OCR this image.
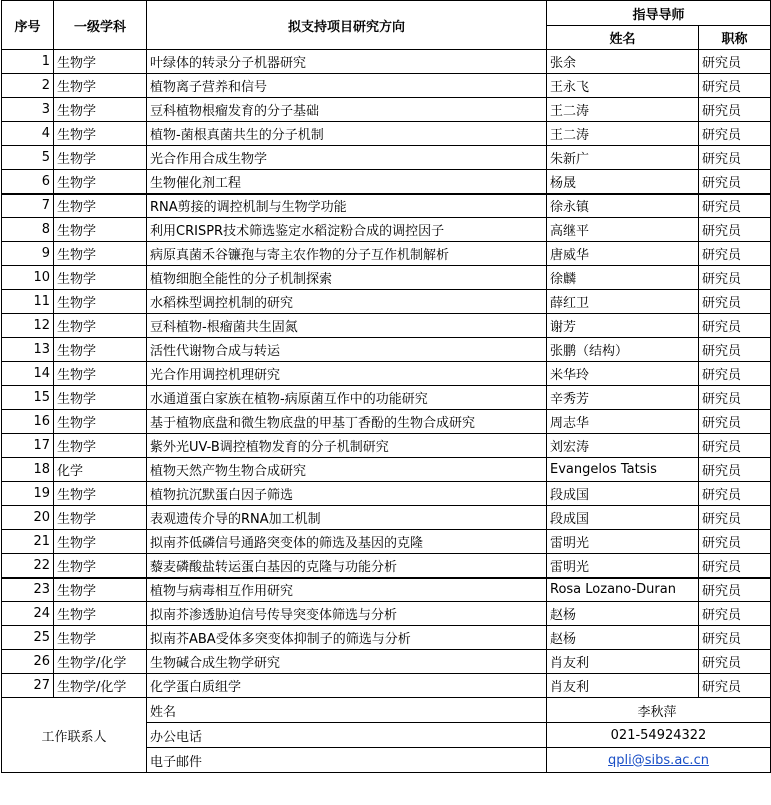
序号	一级学科	拟支持项目研究方向	指导导师	
			姓名	职称
1	生物学	叶绿体的转录分子机器研究	张余	研究员
2	生物学	植物离子营养和信号	王永飞	研究员
3	生物学	豆科植物根瘤发育的分子基础	王二涛	研究员
4	生物学	植物-菌根真菌共生的分子机制	王二涛	研究员
5	生物学	光合作用合成生物学	朱新广	研究员
6	生物学	生物催化剂工程	杨晟	研究员
7	生物学	RNA剪接的调控机制与生物学功能	徐永镇	研究员
8	生物学	利用CRISPR技术筛选鉴定水稻淀粉合成的调控因子	高继平	研究员
9	生物学	病原真菌禾谷镰孢与寄主农作物的分子互作机制解析	唐威华	研究员
10	生物学	植物细胞全能性的分子机制探索	徐麟	研究员
11	生物学	水稻株型调控机制的研究	薛红卫	研究员
12	生物学	豆科植物-根瘤菌共生固氮	谢芳	研究员
13	生物学	活性代谢物合成与转运	张鹏（结构）	研究员
14	生物学	光合作用调控机理研究	米华玲	研究员
15	生物学	水通道蛋白家族在植物-病原菌互作中的功能研究	辛秀芳	研究员
16	生物学	基于植物底盘和微生物底盘的甲基丁香酚的生物合成研究	周志华	研究员
17	生物学	紫外光UV-B调控植物发育的分子机制研究	刘宏涛	研究员
18	化学	植物天然产物生物合成研究	Evangelos Tatsis	研究员
19	生物学	植物抗沉默蛋白因子筛选	段成国	研究员
20	生物学	表观遗传介导的RNA加工机制	段成国	研究员
21	生物学	拟南芥低磷信号通路突变体的筛选及基因的克隆	雷明光	研究员
22	生物学	藜麦磷酸盐转运蛋白基因的克隆与功能分析	雷明光	研究员
23	生物学	植物与病毒相互作用研究	Rosa Lozano-Duran	研究员
24	生物学	拟南芥渗透胁迫信号传导突变体筛选与分析	赵杨	研究员
25	生物学	拟南芥ABA受体多突变体抑制子的筛选与分析	赵杨	研究员
26	生物学/化学	生物碱合成生物学研究	肖友利	研究员
27	生物学/化学	化学蛋白质组学	肖友利	研究员
工作联系人		姓名	李秋萍	
		办公电话	021-54924322	
		电子邮件	qpli@sibs.ac.cn	
